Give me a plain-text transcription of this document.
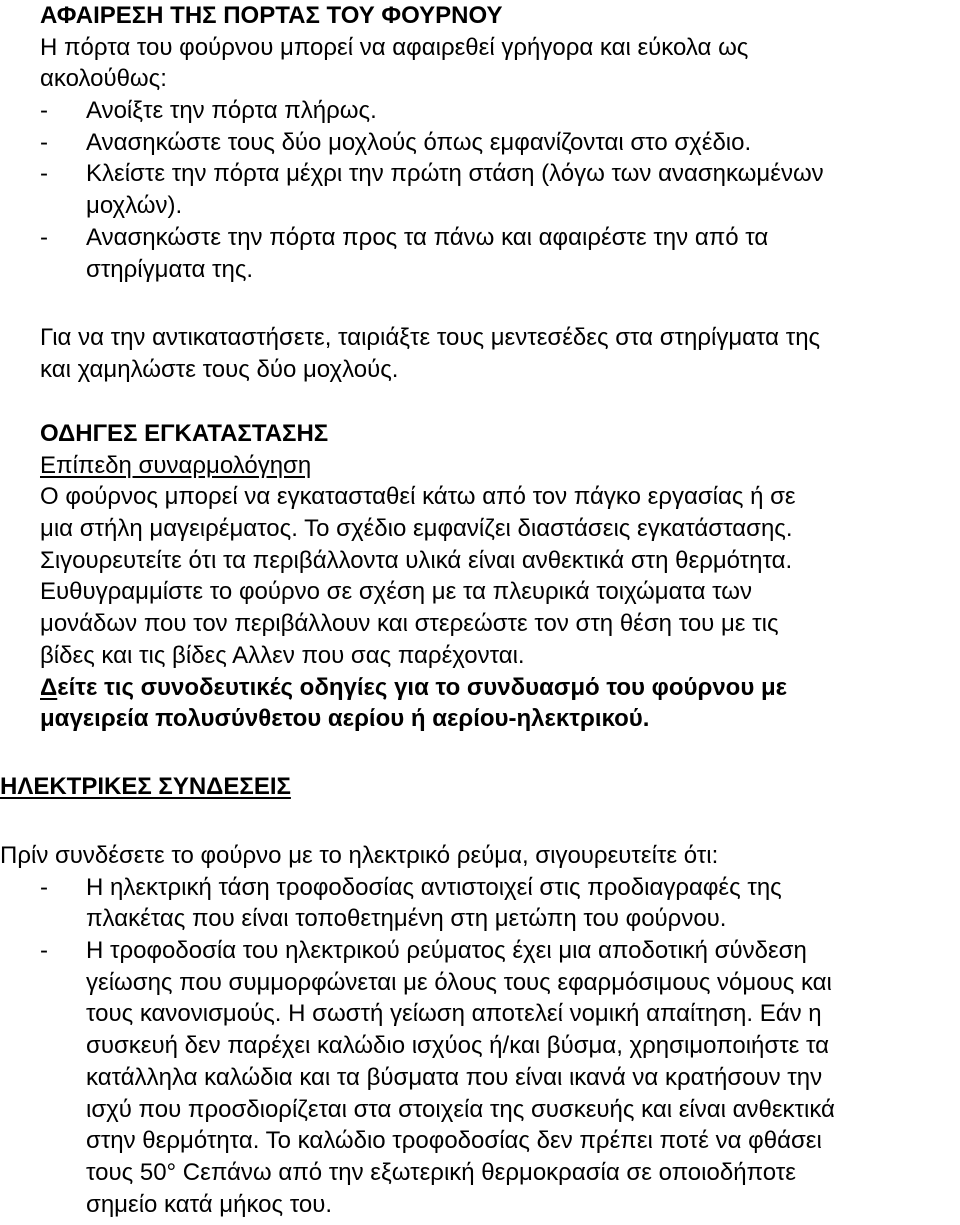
ΑΦΑΙΡΕΣΗ ΤΗΣ ΠΟΡΤΑΣ ΤΟΥ ΦΟΥΡΝΟΥ
Η πόρτα του φούρνου μπορεί να αφαιρεθεί γρήγορα και εύκολα ως
ακολούθως:
-	Ανοίξτε την πόρτα πλήρως.
-	Ανασηκώστε τους δύο μοχλούς όπως εμφανίζονται στο σχέδιο.
-	Κλείστε την πόρτα μέχρι την πρώτη στάση (λόγω των ανασηκωμένων
μοχλών).
-	Ανασηκώστε την πόρτα προς τα πάνω και αφαιρέστε την από τα
στηρίγματα της.
Για να την αντικαταστήσετε, ταιριάξτε τους μεντεσέδες στα στηρίγματα της
και χαμηλώστε τους δύο μοχλούς.
ΟΔΗΓΕΣ ΕΓΚΑΤΑΣΤΑΣΗΣ
Επίπεδη συναρμολόγηση
Ο φούρνος μπορεί να εγκατασταθεί κάτω από τον πάγκο εργασίας ή σε
μια στήλη μαγειρέματος. Το σχέδιο εμφανίζει διαστάσεις εγκατάστασης.
Σιγουρευτείτε ότι τα περιβάλλοντα υλικά είναι ανθεκτικά στη θερμότητα.
Ευθυγραμμίστε το φούρνο σε σχέση με τα πλευρικά τοιχώματα των
μονάδων που τον περιβάλλουν και στερεώστε τον στη θέση του με τις
βίδες και τις βίδες Αλλεν που σας παρέχονται.
Δείτε τις συνοδευτικές οδηγίες για το συνδυασμό του φούρνου με
μαγειρεία πολυσύνθετου αερίου ή αερίου-ηλεκτρικού.
ΗΛΕΚΤΡΙΚΕΣ ΣΥΝΔΕΣΕΙΣ
Πρίν συνδέσετε το φούρνο με το ηλεκτρικό ρεύμα, σιγουρευτείτε ότι:
-	Η ηλεκτρική τάση τροφοδοσίας αντιστοιχεί στις προδιαγραφές της
πλακέτας που είναι τοποθετημένη στη μετώπη του φούρνου.
-	Η τροφοδοσία του ηλεκτρικού ρεύματος έχει μια αποδοτική σύνδεση
γείωσης που συμμορφώνεται με όλους τους εφαρμόσιμους νόμους και
τους κανονισμούς. Η σωστή γείωση αποτελεί νομική απαίτηση. Εάν η
συσκευή δεν παρέχει καλώδιο ισχύος ή/και βύσμα, χρησιμοποιήστε τα
κατάλληλα καλώδια και τα βύσματα που είναι ικανά να κρατήσουν την
ισχύ που προσδιορίζεται στα στοιχεία της συσκευής και είναι ανθεκτικά
στην θερμότητα. Το καλώδιο τροφοδοσίας δεν πρέπει ποτέ να φθάσει
τους 50° Cεπάνω από την εξωτερική θερμοκρασία σε οποιοδήποτε
σημείο κατά μήκος του.
